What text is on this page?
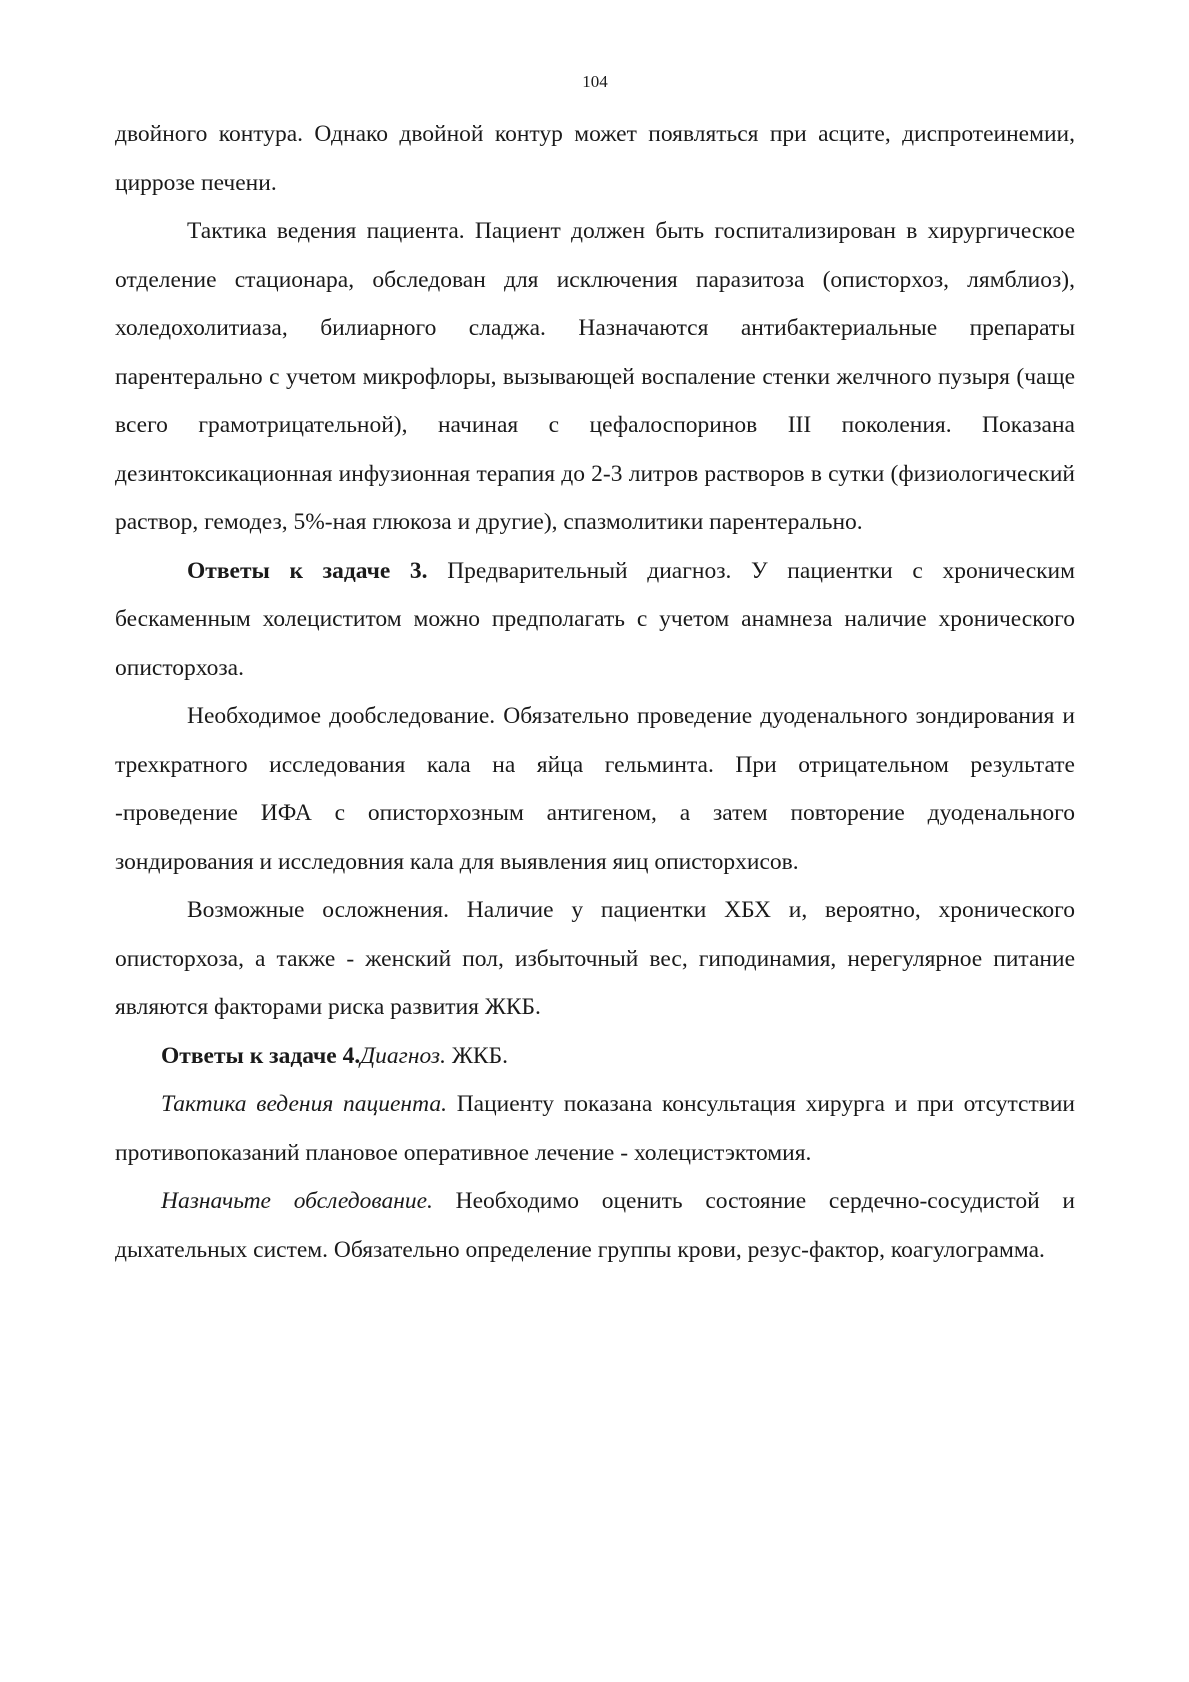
104

двойного контура. Однако двойной контур может появляться при асците, диспротеинемии, циррозе печени.

Тактика ведения пациента. Пациент должен быть госпитализирован в хирургическое отделение стационара, обследован для исключения паразитоза (описторхоз, лямблиоз), холедохолитиаза, билиарного сладжа. Назначаются антибактериальные препараты парентерально с учетом микрофлоры, вызывающей воспаление стенки желчного пузыря (чаще всего грамотрицательной), начиная с цефалоспоринов III поколения. Показана дезинтоксикационная инфузионная терапия до 2-3 литров растворов в сутки (физиологический раствор, гемодез, 5%-ная глюкоза и другие), спазмолитики парентерально.

Ответы к задаче 3. Предварительный диагноз. У пациентки с хроническим бескаменным холециститом можно предполагать с учетом анамнеза наличие хронического описторхоза.

Необходимое дообследование. Обязательно проведение дуоденального зондирования и трехкратного исследования кала на яйца гельминта. При отрицательном результате -проведение ИФА с описторхозным антигеном, а затем повторение дуоденального зондирования и исследовния кала для выявления яиц описторхисов.

Возможные осложнения. Наличие у пациентки ХБХ и, вероятно, хронического описторхоза, а также - женский пол, избыточный вес, гиподинамия, нерегулярное питание являются факторами риска развития ЖКБ.

Ответы к задаче 4.Диагноз. ЖКБ.

Тактика ведения пациента. Пациенту показана консультация хирурга и при отсутствии противопоказаний плановое оперативное лечение - холецистэктомия.

Назначьте обследование. Необходимо оценить состояние сердечно-сосудистой и дыхательных систем. Обязательно определение группы крови, резус-фактор, коагулограмма.
